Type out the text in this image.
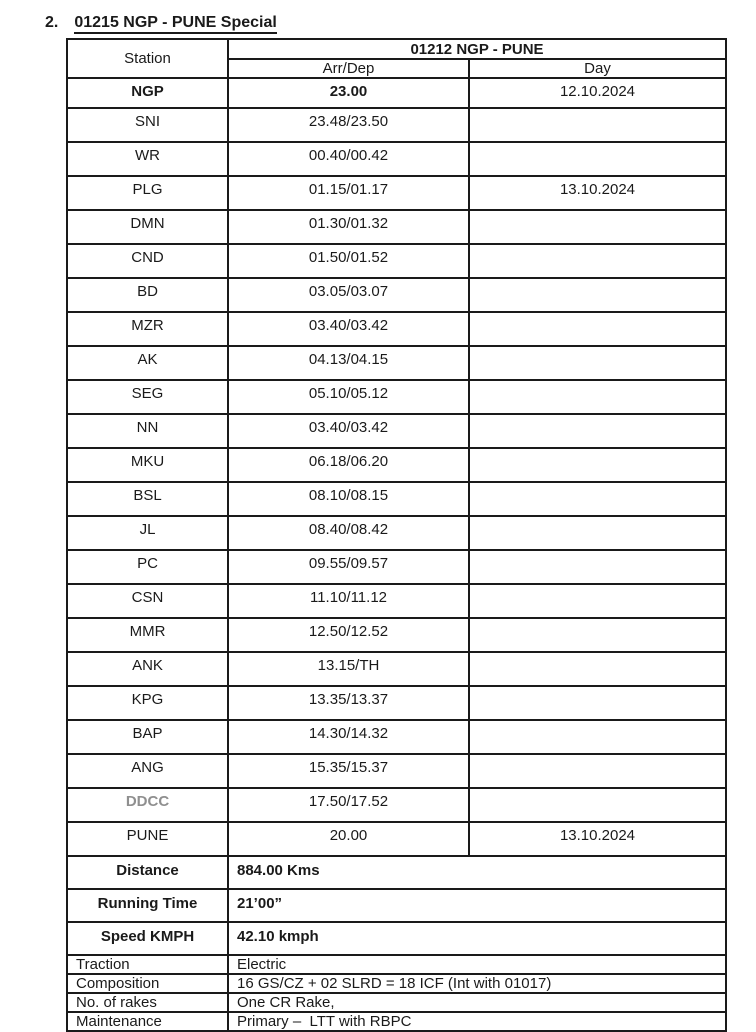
2. 01215 NGP - PUNE Special
Station	01212 NGP - PUNE	
	Arr/Dep	Day
NGP	23.00	12.10.2024
SNI	23.48/23.50	
WR	00.40/00.42	
PLG	01.15/01.17	13.10.2024
DMN	01.30/01.32	
CND	01.50/01.52	
BD	03.05/03.07	
MZR	03.40/03.42	
AK	04.13/04.15	
SEG	05.10/05.12	
NN	03.40/03.42	
MKU	06.18/06.20	
BSL	08.10/08.15	
JL	08.40/08.42	
PC	09.55/09.57	
CSN	11.10/11.12	
MMR	12.50/12.52	
ANK	13.15/TH	
KPG	13.35/13.37	
BAP	14.30/14.32	
ANG	15.35/15.37	
DDCC	17.50/17.52	
PUNE	20.00	13.10.2024
Distance	884.00 Kms	
Running Time	21’00”	
Speed KMPH	42.10 kmph	
Traction	Electric	
Composition	16 GS/CZ + 02 SLRD = 18 ICF (Int with 01017)	
No. of rakes	One CR Rake,	
Maintenance	Primary –  LTT with RBPC	
